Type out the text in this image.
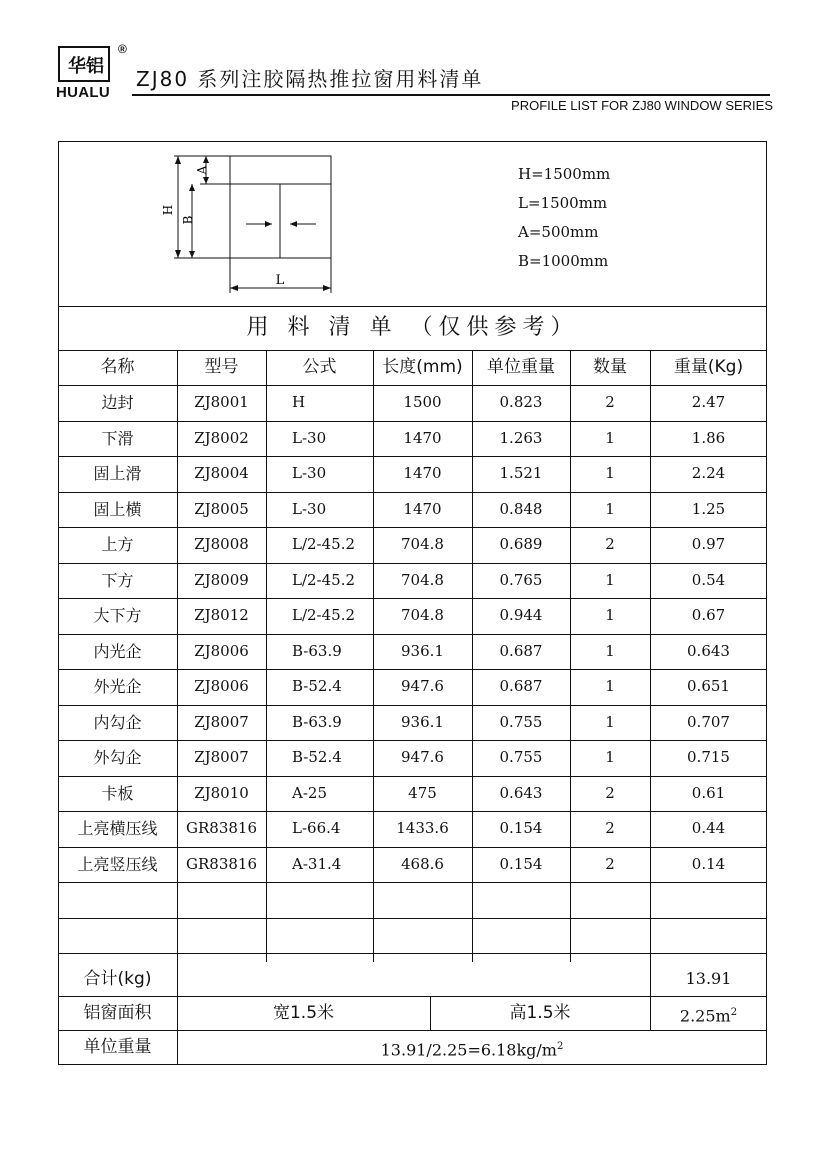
华铝
HUALU
®
ZJ80 系列注胶隔热推拉窗用料清单
PROFILE LIST FOR ZJ80 WINDOW SERIES
H
A
B
L
H=1500mm
L=1500mm
A=500mm
B=1000mm
用 料 清 单 （仅供参考）
名称	型号	公式	长度(mm)	单位重量	数量	重量(Kg)
边封	ZJ8001	H	1500	0.823	2	2.47
下滑	ZJ8002	L-30	1470	1.263	1	1.86
固上滑	ZJ8004	L-30	1470	1.521	1	2.24
固上横	ZJ8005	L-30	1470	0.848	1	1.25
上方	ZJ8008	L/2-45.2	704.8	0.689	2	0.97
下方	ZJ8009	L/2-45.2	704.8	0.765	1	0.54
大下方	ZJ8012	L/2-45.2	704.8	0.944	1	0.67
内光企	ZJ8006	B-63.9	936.1	0.687	1	0.643
外光企	ZJ8006	B-52.4	947.6	0.687	1	0.651
内勾企	ZJ8007	B-63.9	936.1	0.755	1	0.707
外勾企	ZJ8007	B-52.4	947.6	0.755	1	0.715
卡板	ZJ8010	A-25	475	0.643	2	0.61
上亮横压线	GR83816	L-66.4	1433.6	0.154	2	0.44
上亮竖压线	GR83816	A-31.4	468.6	0.154	2	0.14
合计(kg)	13.91
铝窗面积	宽1.5米	高1.5米	$2.25m^2$
单位重量	$13.91/2.25=6.18kg/m^2$
